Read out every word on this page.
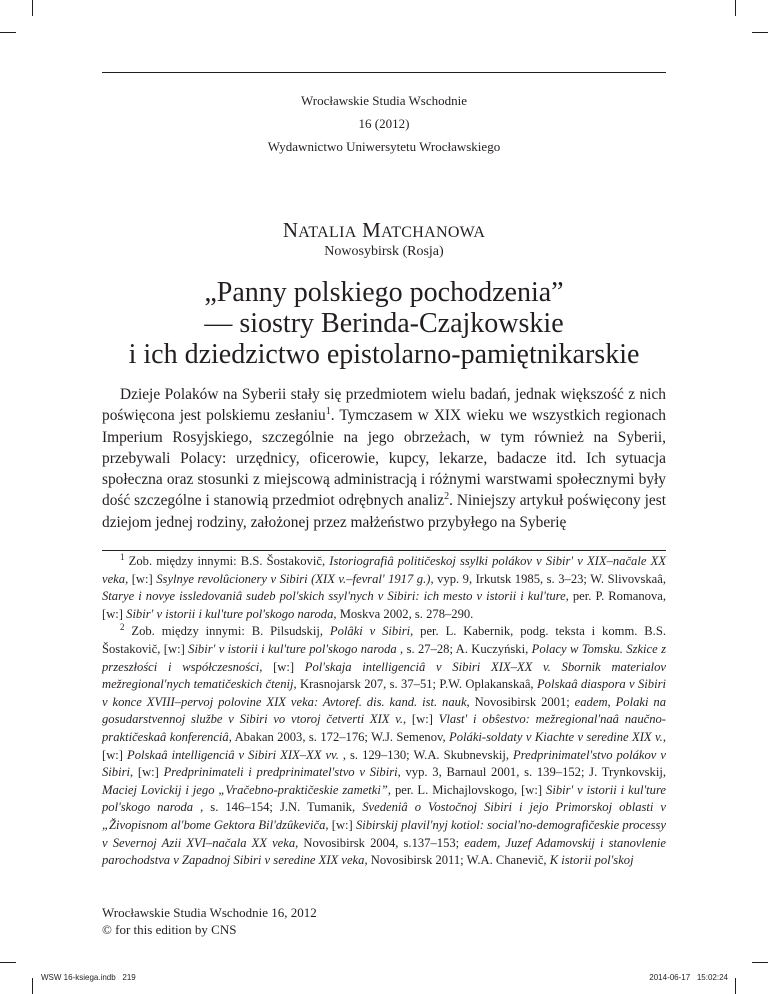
Wrocławskie Studia Wschodnie
16 (2012)
Wydawnictwo Uniwersytetu Wrocławskiego
NATALIA MATCHANOWA
Nowosybirsk (Rosja)
„Panny polskiego pochodzenia”
— siostry Berinda-Czajkowskie
i ich dziedzictwo epistolarno-pamiętnikarskie
Dzieje Polaków na Syberii stały się przedmiotem wielu badań, jednak większość z nich poświęcona jest polskiemu zesłaniu$^1$. Tymczasem w XIX wieku we wszystkich regionach Imperium Rosyjskiego, szczególnie na jego obrzeżach, w tym również na Syberii, przebywali Polacy: urzędnicy, oficerowie, kupcy, lekarze, badacze itd. Ich sytuacja społeczna oraz stosunki z miejscową administracją i różnymi warstwami społecznymi były dość szczególne i stanowią przedmiot odrębnych analiz$^2$. Niniejszy artykuł poświęcony jest dziejom jednej rodziny, założonej przez małżeństwo przybyłego na Syberię

$^1$ Zob. między innymi: B.S. Šostakovič, Istoriografiâ političeskoj ssylki polákov v Sibir' v XIX–načale XX veka, [w:] Ssylnye revolûcionery v Sibiri (XIX v.–fevral' 1917 g.), vyp. 9, Irkutsk 1985, s. 3–23; W. Slivovskaâ, Staryе i novye issledovaniâ sudeb pol'skich ssyl'nych v Sibiri: ich mesto v istorii i kul'ture, per. P. Romanova, [w:] Sibir' v istorii i kul'ture pol'skogo naroda, Moskva 2002, s. 278–290.

$^2$ Zob. między innymi: B. Pilsudskij, Polâki v Sibiri, per. L. Kabernik, podg. teksta i komm. B.S. Šostakovič, [w:] Sibir' v istorii i kul'ture pol'skogo naroda , s. 27–28; A. Kuczyński, Polacy w Tomsku. Szkice z przeszłości i współczesności, [w:] Pol'skaja intelligenciâ v Sibiri XIX–XX v. Sbornik materialov mežregional'nych tematičeskich čtenij, Krasnojarsk 207, s. 37–51; P.W. Oplakanskaâ, Polskaâ diaspora v Sibiri v konce XVIII–pervoj polovine XIX veka: Avtoref. dis. kand. ist. nauk, Novosibirsk 2001; eadem, Polaki na gosudarstvennoj službe v Sibiri vo vtoroj četverti XIX v., [w:] Vlast' i obŝestvo: mežregional'naâ naučno-praktičeskaâ konferenciâ, Abakan 2003, s. 172–176; W.J. Semenov, Poláki-soldaty v Kiachte v seredine XIX v., [w:] Polskaâ intelligenciâ v Sibiri XIX–XX vv. , s. 129–130; W.A. Skubnevskij, Predprinimatel'stvo polákov v Sibiri, [w:] Predprinimateli i predprinimatel'stvo v Sibiri, vyp. 3, Barnaul 2001, s. 139–152; J. Trynkovskij, Maciej Lovickij i jego „Vračebno-praktičeskie zametki”, per. L. Michajlovskogo, [w:] Sibir' v istorii i kul'ture pol'skogo naroda , s. 146–154; J.N. Tumanik, Svedeniâ o Vostočnoj Sibiri i jejo Primorskoj oblasti v „Živopisnom al'bome Gektora Bil'dzûkeviča, [w:] Sibirskij plavil'nyj kotiol: social'no-demografičeskie processy v Severnoj Azii XVI–načala XX veka, Novosibirsk 2004, s.137–153; eadem, Juzef Adamovskij i stanovlenie parochodstva v Zapadnoj Sibiri v seredine XIX veka, Novosibirsk 2011; W.A. Chanevič, K istorii pol'skoj

Wrocławskie Studia Wschodnie 16, 2012
© for this edition by CNS
WSW 16-ksiega.indb   219	2014-06-17   15:02:24
